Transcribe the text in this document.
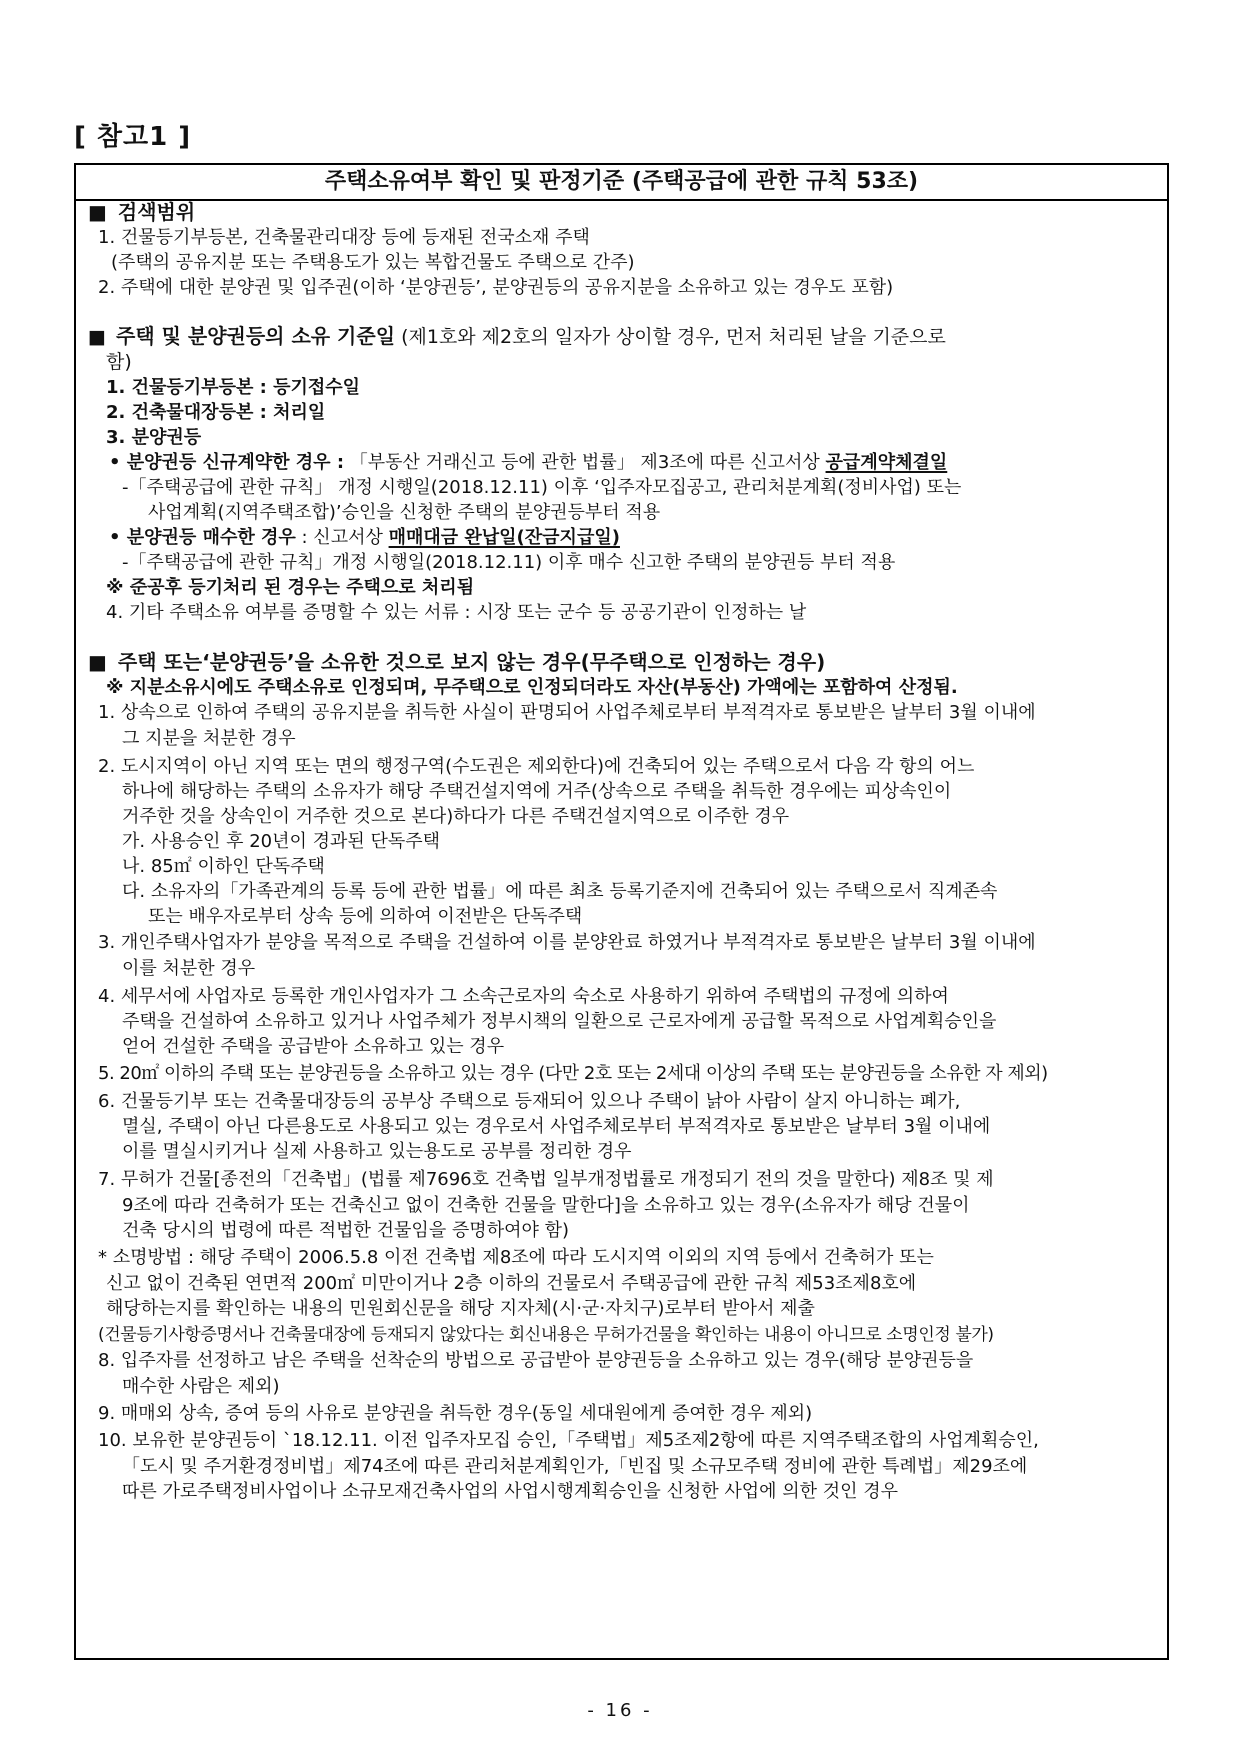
[ 참고1 ]
주택소유여부 확인 및 판정기준 (주택공급에 관한 규칙 53조)
■ 검색범위
1. 건물등기부등본, 건축물관리대장 등에 등재된 전국소재 주택
(주택의 공유지분 또는 주택용도가 있는 복합건물도 주택으로 간주)
2. 주택에 대한 분양권 및 입주권(이하 ‘분양권등’, 분양권등의 공유지분을 소유하고 있는 경우도 포함)
■ 주택 및 분양권등의 소유 기준일 (제1호와 제2호의 일자가 상이할 경우, 먼저 처리된 날을 기준으로
함)
1. 건물등기부등본 : 등기접수일
2. 건축물대장등본 : 처리일
3. 분양권등
• 분양권등 신규계약한 경우 : 「부동산 거래신고 등에 관한 법률」 제3조에 따른 신고서상 공급계약체결일
-「주택공급에 관한 규칙」 개정 시행일(2018.12.11) 이후 ‘입주자모집공고, 관리처분계획(정비사업) 또는
사업계획(지역주택조합)’승인을 신청한 주택의 분양권등부터 적용
• 분양권등 매수한 경우 : 신고서상 매매대금 완납일(잔금지급일)
-「주택공급에 관한 규칙」개정 시행일(2018.12.11) 이후 매수 신고한 주택의 분양권등 부터 적용
※ 준공후 등기처리 된 경우는 주택으로 처리됨
4. 기타 주택소유 여부를 증명할 수 있는 서류 : 시장 또는 군수 등 공공기관이 인정하는 날
■ 주택 또는‘분양권등’을 소유한 것으로 보지 않는 경우(무주택으로 인정하는 경우)
※ 지분소유시에도 주택소유로 인정되며, 무주택으로 인정되더라도 자산(부동산) 가액에는 포함하여 산정됨.
1. 상속으로 인하여 주택의 공유지분을 취득한 사실이 판명되어 사업주체로부터 부적격자로 통보받은 날부터 3월 이내에
그 지분을 처분한 경우
2. 도시지역이 아닌 지역 또는 면의 행정구역(수도권은 제외한다)에 건축되어 있는 주택으로서 다음 각 항의 어느
하나에 해당하는 주택의 소유자가 해당 주택건설지역에 거주(상속으로 주택을 취득한 경우에는 피상속인이
거주한 것을 상속인이 거주한 것으로 본다)하다가 다른 주택건설지역으로 이주한 경우
가. 사용승인 후 20년이 경과된 단독주택
나. 85㎡ 이하인 단독주택
다. 소유자의「가족관계의 등록 등에 관한 법률」에 따른 최초 등록기준지에 건축되어 있는 주택으로서 직계존속
또는 배우자로부터 상속 등에 의하여 이전받은 단독주택
3. 개인주택사업자가 분양을 목적으로 주택을 건설하여 이를 분양완료 하였거나 부적격자로 통보받은 날부터 3월 이내에
이를 처분한 경우
4. 세무서에 사업자로 등록한 개인사업자가 그 소속근로자의 숙소로 사용하기 위하여 주택법의 규정에 의하여
주택을 건설하여 소유하고 있거나 사업주체가 정부시책의 일환으로 근로자에게 공급할 목적으로 사업계획승인을
얻어 건설한 주택을 공급받아 소유하고 있는 경우
5. 20㎡ 이하의 주택 또는 분양권등을 소유하고 있는 경우 (다만 2호 또는 2세대 이상의 주택 또는 분양권등을 소유한 자 제외)
6. 건물등기부 또는 건축물대장등의 공부상 주택으로 등재되어 있으나 주택이 낡아 사람이 살지 아니하는 폐가,
멸실, 주택이 아닌 다른용도로 사용되고 있는 경우로서 사업주체로부터 부적격자로 통보받은 날부터 3월 이내에
이를 멸실시키거나 실제 사용하고 있는용도로 공부를 정리한 경우
7. 무허가 건물[종전의「건축법」(법률 제7696호 건축법 일부개정법률로 개정되기 전의 것을 말한다) 제8조 및 제
9조에 따라 건축허가 또는 건축신고 없이 건축한 건물을 말한다]을 소유하고 있는 경우(소유자가 해당 건물이
건축 당시의 법령에 따른 적법한 건물임을 증명하여야 함)
* 소명방법 : 해당 주택이 2006.5.8 이전 건축법 제8조에 따라 도시지역 이외의 지역 등에서 건축허가 또는
신고 없이 건축된 연면적 200㎡ 미만이거나 2층 이하의 건물로서 주택공급에 관한 규칙 제53조제8호에
해당하는지를 확인하는 내용의 민원회신문을 해당 지자체(시·군·자치구)로부터 받아서 제출
(건물등기사항증명서나 건축물대장에 등재되지 않았다는 회신내용은 무허가건물을 확인하는 내용이 아니므로 소명인정 불가)
8. 입주자를 선정하고 남은 주택을 선착순의 방법으로 공급받아 분양권등을 소유하고 있는 경우(해당 분양권등을
매수한 사람은 제외)
9. 매매외 상속, 증여 등의 사유로 분양권을 취득한 경우(동일 세대원에게 증여한 경우 제외)
10. 보유한 분양권등이 `18.12.11. 이전 입주자모집 승인,「주택법」제5조제2항에 따른 지역주택조합의 사업계획승인,
「도시 및 주거환경정비법」제74조에 따른 관리처분계획인가,「빈집 및 소규모주택 정비에 관한 특례법」제29조에
따른 가로주택정비사업이나 소규모재건축사업의 사업시행계획승인을 신청한 사업에 의한 것인 경우
- 16 -
